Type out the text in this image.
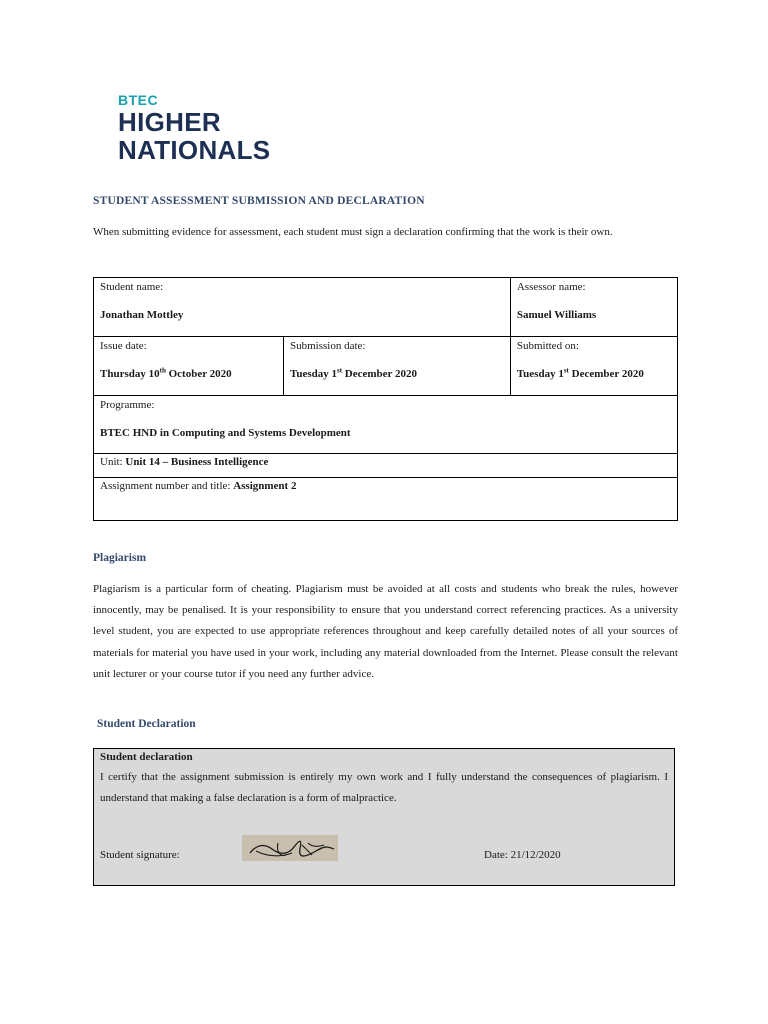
BTEC
HIGHER
NATIONALS
STUDENT ASSESSMENT SUBMISSION AND DECLARATION
When submitting evidence for assessment, each student must sign a declaration confirming that the work is their own.
Student name:
Jonathan Mottley		Assessor name:
Samuel Williams

Issue date:
Thursday 10th October 2020	Submission date:
Tuesday 1st December 2020	Submitted on:
Tuesday 1st December 2020

Programme:
BTEC HND in Computing and Systems Development		

Unit: Unit 14 – Business Intelligence		
Assignment number and title: Assignment 2		
Plagiarism
Plagiarism is a particular form of cheating. Plagiarism must be avoided at all costs and students who break the rules, however innocently, may be penalised. It is your responsibility to ensure that you understand correct referencing practices. As a university level student, you are expected to use appropriate references throughout and keep carefully detailed notes of all your sources of materials for material you have used in your work, including any material downloaded from the Internet. Please consult the relevant unit lecturer or your course tutor if you need any further advice.
Student Declaration
Student declaration
I certify that the assignment submission is entirely my own work and I fully understand the consequences of plagiarism. I understand that making a false declaration is a form of malpractice.
Student signature:	Date: 21/12/2020
